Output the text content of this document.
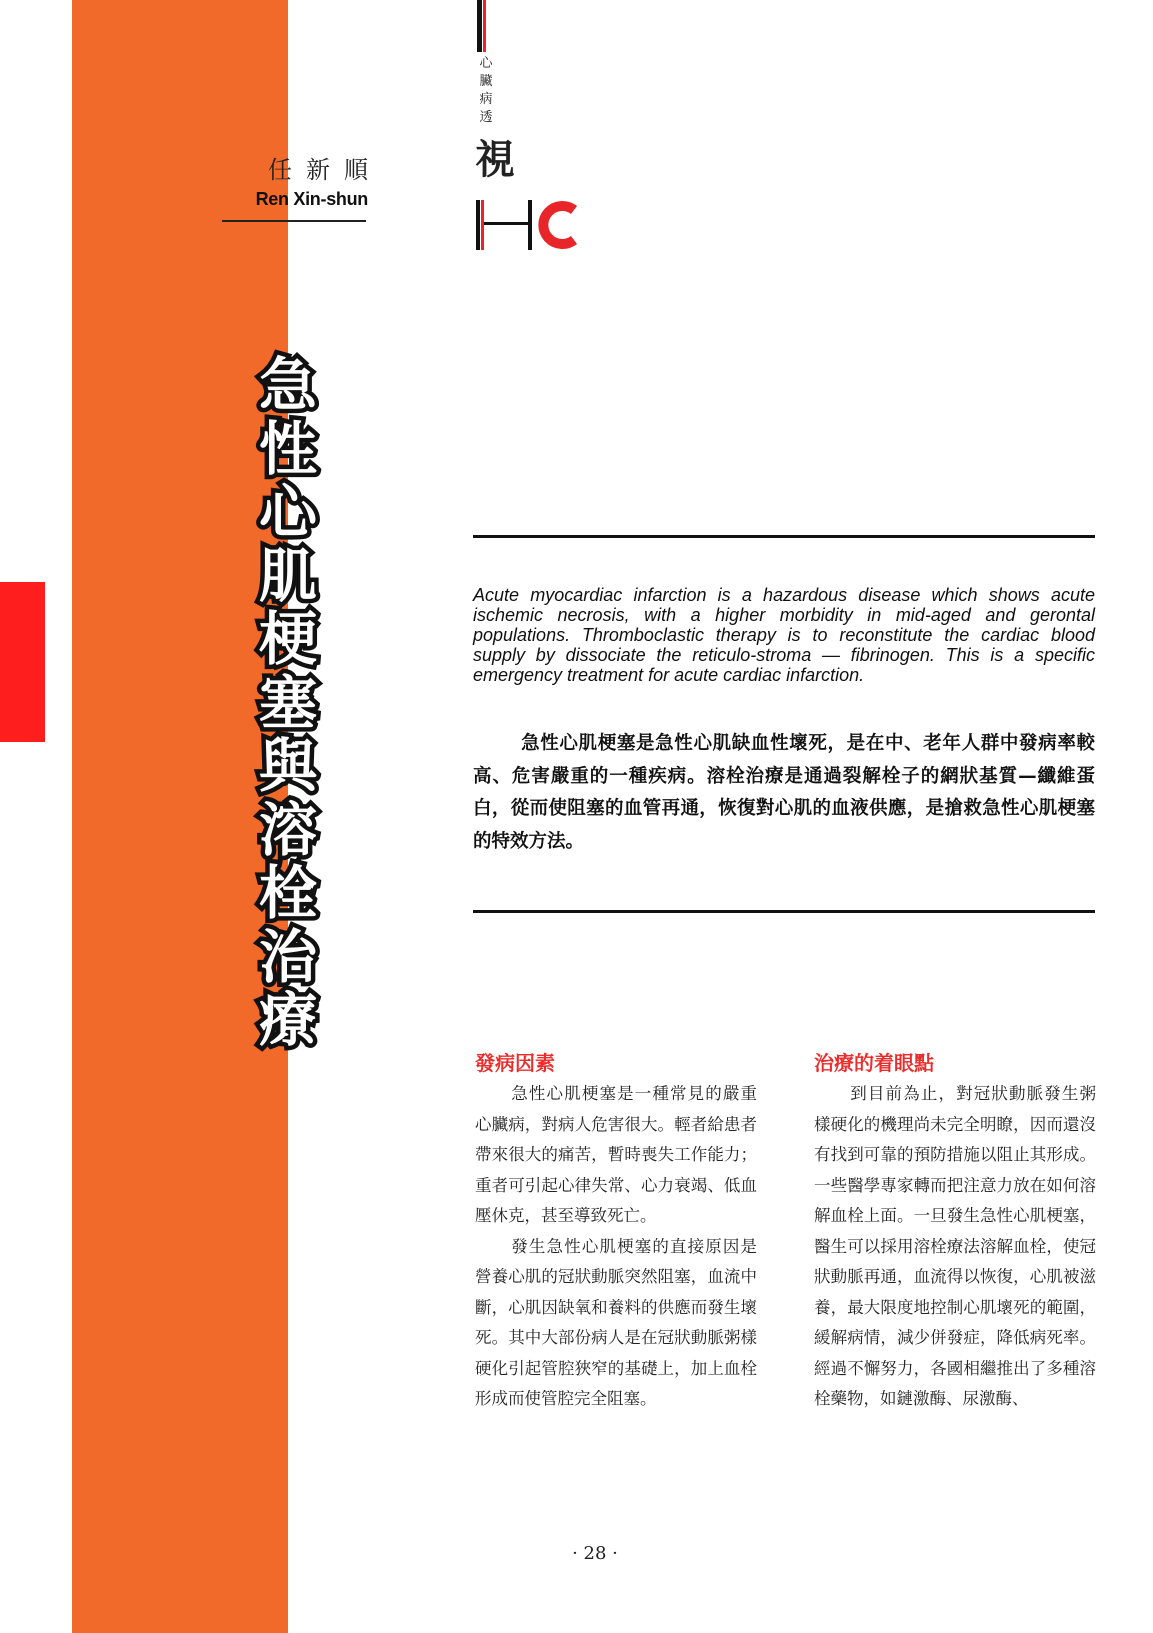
任新順
Ren Xin-shun
心臟病透
視
急
性
心
肌
梗
塞
與
溶
栓
治
療
Acute myocardiac infarction is a hazardous disease which shows acute ischemic necrosis, with a higher morbidity in mid-aged and gerontal populations. Thromboclastic therapy is to reconstitute the cardiac blood supply by dissociate the reticulo-stroma — fibrinogen. This is a specific emergency treatment for acute cardiac infarction.
急性心肌梗塞是急性心肌缺血性壞死，是在中、老年人群中發病率較高、危害嚴重的一種疾病。溶栓治療是通過裂解栓子的網狀基質—纖維蛋白，從而使阻塞的血管再通，恢復對心肌的血液供應，是搶救急性心肌梗塞的特效方法。
發病因素

急性心肌梗塞是一種常見的嚴重心臟病，對病人危害很大。輕者給患者帶來很大的痛苦，暫時喪失工作能力；重者可引起心律失常、心力衰竭、低血壓休克，甚至導致死亡。

發生急性心肌梗塞的直接原因是營養心肌的冠狀動脈突然阻塞，血流中斷，心肌因缺氧和養料的供應而發生壞死。其中大部份病人是在冠狀動脈粥樣硬化引起管腔狹窄的基礎上，加上血栓形成而使管腔完全阻塞。

治療的着眼點

到目前為止，對冠狀動脈發生粥樣硬化的機理尚未完全明瞭，因而還沒有找到可靠的預防措施以阻止其形成。一些醫學專家轉而把注意力放在如何溶解血栓上面。一旦發生急性心肌梗塞，醫生可以採用溶栓療法溶解血栓，使冠狀動脈再通，血流得以恢復，心肌被滋養，最大限度地控制心肌壞死的範圍，緩解病情，減少併發症，降低病死率。經過不懈努力，各國相繼推出了多種溶栓藥物，如鏈激酶、尿激酶、

· 28 ·
